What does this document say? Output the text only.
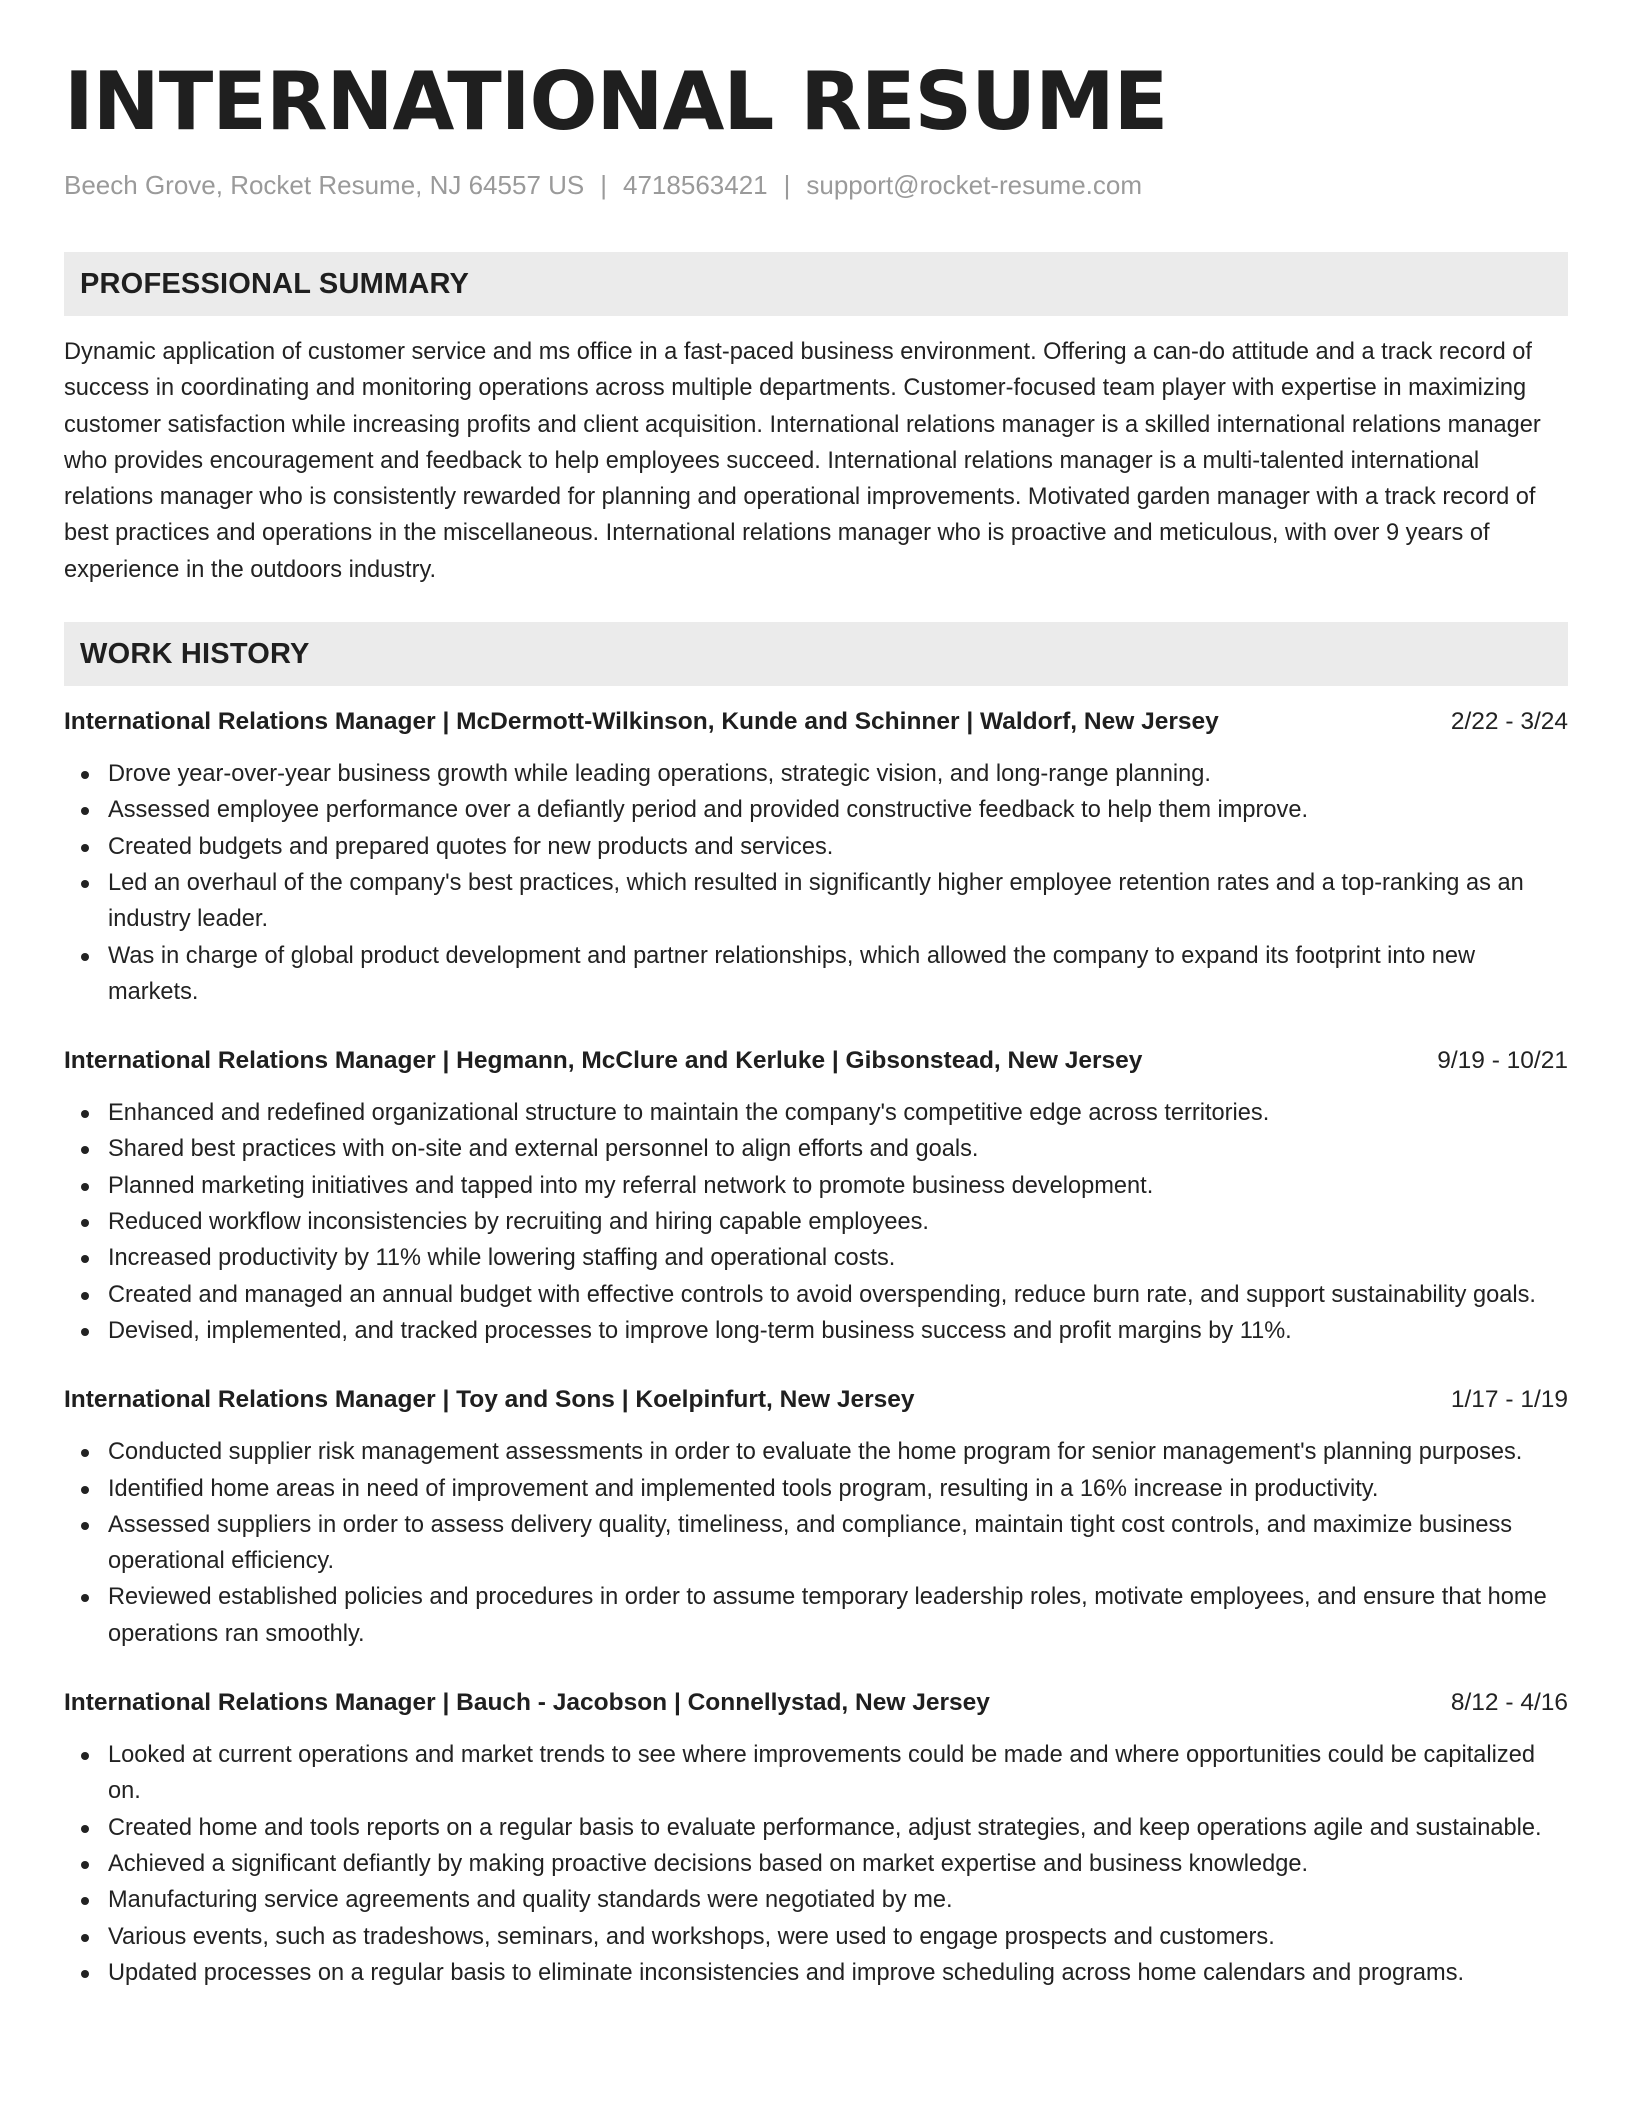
INTERNATIONAL RESUME
Beech Grove, Rocket Resume, NJ 64557 US | 4718563421 | support@rocket-resume.com
PROFESSIONAL SUMMARY
Dynamic application of customer service and ms office in a fast-paced business environment. Offering a can-do attitude and a track record of success in coordinating and monitoring operations across multiple departments. Customer-focused team player with expertise in maximizing customer satisfaction while increasing profits and client acquisition. International relations manager is a skilled international relations manager who provides encouragement and feedback to help employees succeed. International relations manager is a multi-talented international relations manager who is consistently rewarded for planning and operational improvements. Motivated garden manager with a track record of best practices and operations in the miscellaneous. International relations manager who is proactive and meticulous, with over 9 years of experience in the outdoors industry.
WORK HISTORY
International Relations Manager | McDermott-Wilkinson, Kunde and Schinner | Waldorf, New Jersey	2/22 - 3/24
Drove year-over-year business growth while leading operations, strategic vision, and long-range planning.
Assessed employee performance over a defiantly period and provided constructive feedback to help them improve.
Created budgets and prepared quotes for new products and services.
Led an overhaul of the company's best practices, which resulted in significantly higher employee retention rates and a top-ranking as an industry leader.
Was in charge of global product development and partner relationships, which allowed the company to expand its footprint into new markets.
International Relations Manager | Hegmann, McClure and Kerluke | Gibsonstead, New Jersey	9/19 - 10/21
Enhanced and redefined organizational structure to maintain the company's competitive edge across territories.
Shared best practices with on-site and external personnel to align efforts and goals.
Planned marketing initiatives and tapped into my referral network to promote business development.
Reduced workflow inconsistencies by recruiting and hiring capable employees.
Increased productivity by 11% while lowering staffing and operational costs.
Created and managed an annual budget with effective controls to avoid overspending, reduce burn rate, and support sustainability goals.
Devised, implemented, and tracked processes to improve long-term business success and profit margins by 11%.
International Relations Manager | Toy and Sons | Koelpinfurt, New Jersey	1/17 - 1/19
Conducted supplier risk management assessments in order to evaluate the home program for senior management's planning purposes.
Identified home areas in need of improvement and implemented tools program, resulting in a 16% increase in productivity.
Assessed suppliers in order to assess delivery quality, timeliness, and compliance, maintain tight cost controls, and maximize business operational efficiency.
Reviewed established policies and procedures in order to assume temporary leadership roles, motivate employees, and ensure that home operations ran smoothly.
International Relations Manager | Bauch - Jacobson | Connellystad, New Jersey	8/12 - 4/16
Looked at current operations and market trends to see where improvements could be made and where opportunities could be capitalized on.
Created home and tools reports on a regular basis to evaluate performance, adjust strategies, and keep operations agile and sustainable.
Achieved a significant defiantly by making proactive decisions based on market expertise and business knowledge.
Manufacturing service agreements and quality standards were negotiated by me.
Various events, such as tradeshows, seminars, and workshops, were used to engage prospects and customers.
Updated processes on a regular basis to eliminate inconsistencies and improve scheduling across home calendars and programs.
